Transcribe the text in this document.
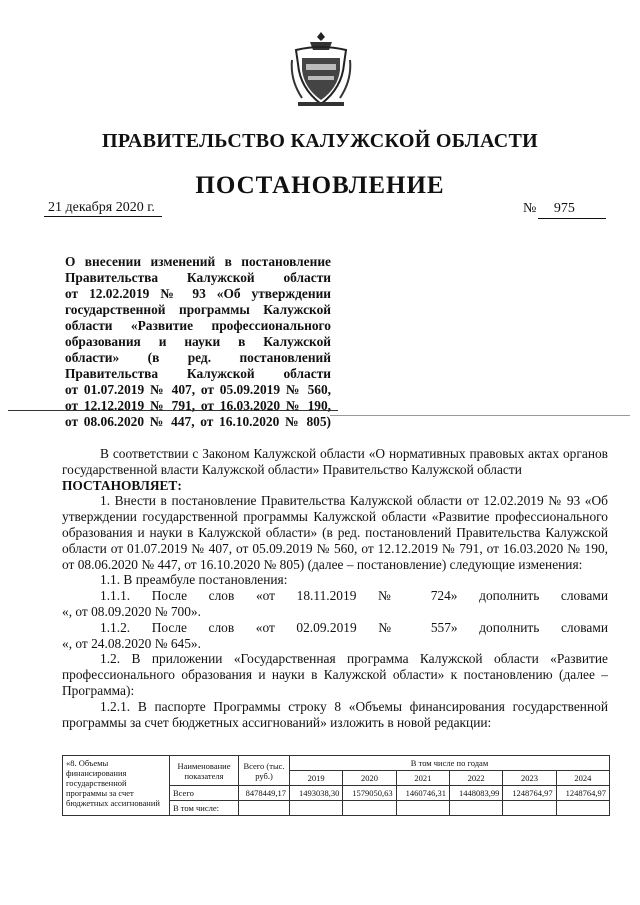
ПРАВИТЕЛЬСТВО КАЛУЖСКОЙ ОБЛАСТИ
ПОСТАНОВЛЕНИЕ
21 декабря 2020 г.	№ 975
О внесении изменений в постановление
Правительства Калужской области
от 12.02.2019 № 93 «Об утверждении
государственной программы Калужской
области «Развитие профессионального
образования и науки в Калужской
области» (в ред. постановлений
Правительства Калужской области
от 01.07.2019 № 407, от 05.09.2019 № 560,
от 12.12.2019 № 791, от 16.03.2020 № 190,
от 08.06.2020 № 447, от 16.10.2020 № 805)

В соответствии с Законом Калужской области «О нормативных правовых актах органов государственной власти Калужской области» Правительство Калужской области

ПОСТАНОВЛЯЕТ:

1. Внести в постановление Правительства Калужской области от 12.02.2019 № 93 «Об утверждении государственной программы Калужской области «Развитие профессионального образования и науки в Калужской области» (в ред. постановлений Правительства Калужской области от 01.07.2019 № 407, от 05.09.2019 № 560, от 12.12.2019 № 791, от 16.03.2020 № 190, от 08.06.2020 № 447, от 16.10.2020 № 805) (далее – постановление) следующие изменения:

1.1. В преамбуле постановления:

1.1.1. После слов «от 18.11.2019 № 724» дополнить словами

«, от 08.09.2020 № 700».

1.1.2. После слов «от 02.09.2019 № 557» дополнить словами

«, от 24.08.2020 № 645».

1.2. В приложении «Государственная программа Калужской области «Развитие профессионального образования и науки в Калужской области» к постановлению (далее – Программа):

1.2.1. В паспорте Программы строку 8 «Объемы финансирования государственной программы за счет бюджетных ассигнований» изложить в новой редакции:

«8. Объемы финансирования государственной программы за счет бюджетных ассигнований	Наименование показателя	Всего (тыс. руб.)	В том числе по годам					
			2019	2020	2021	2022	2023	2024
	Всего	8478449,17	1493038,30	1579050,63	1460746,31	1448083,99	1248764,97	1248764,97
	В том числе:							
